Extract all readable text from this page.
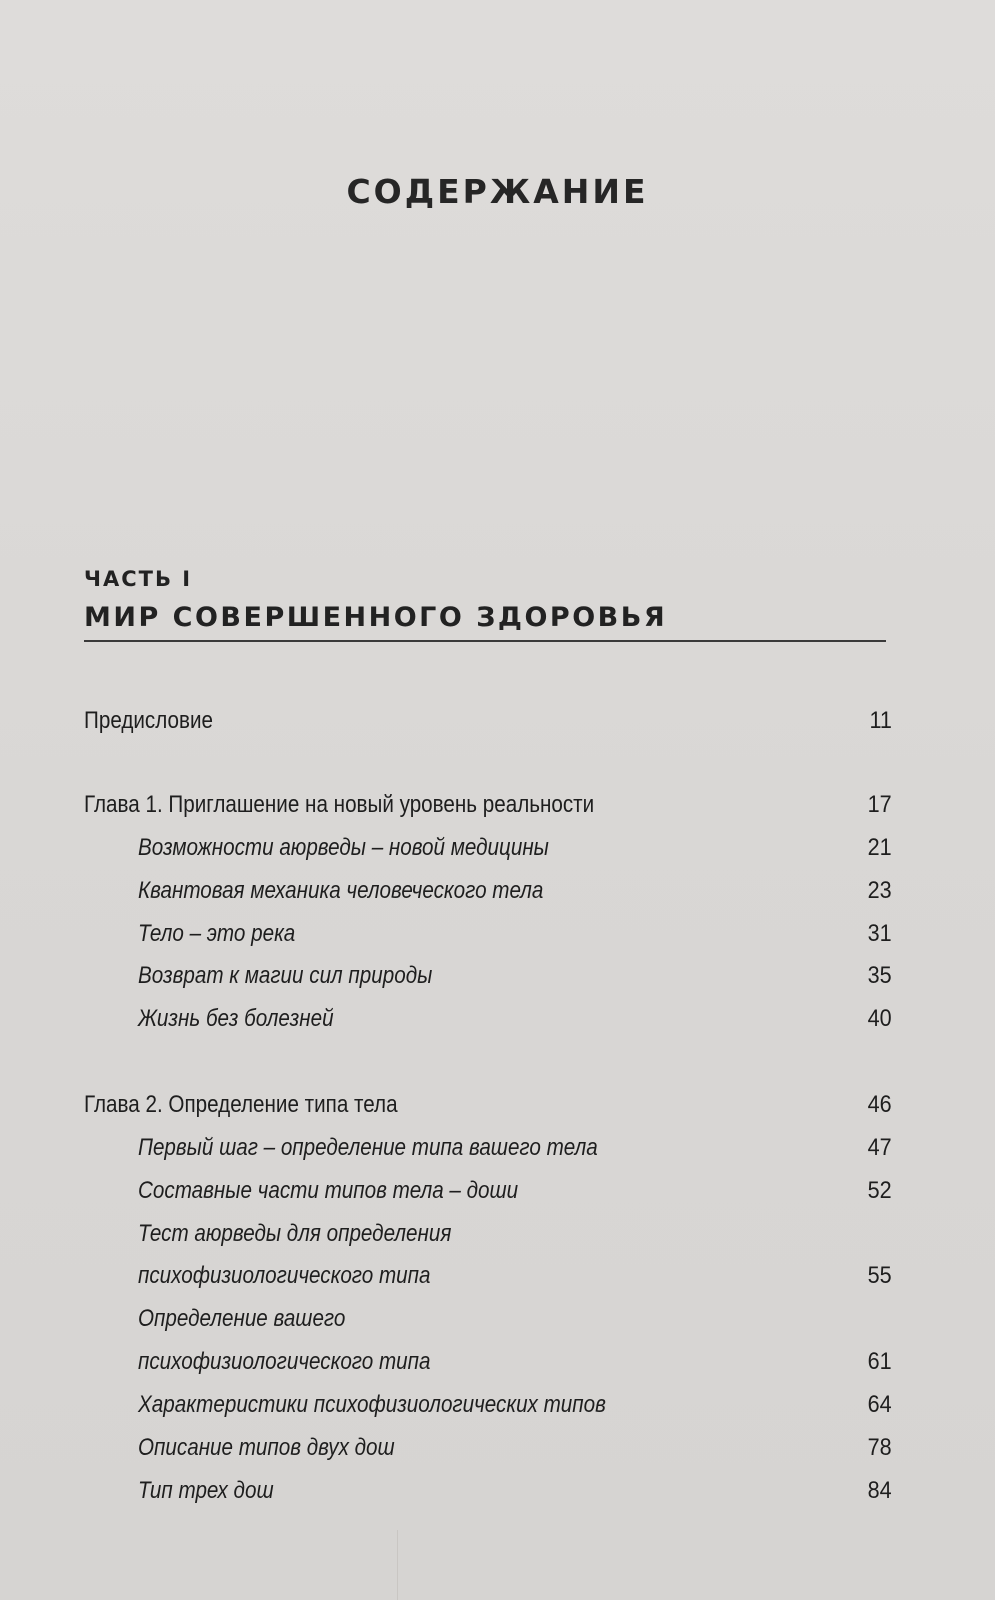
СОДЕРЖАНИЕ
ЧАСТЬ I
МИР СОВЕРШЕННОГО ЗДОРОВЬЯ
Предисловие	11
Глава 1. Приглашение на новый уровень реальности	17
Возможности аюрведы – новой медицины	21
Квантовая механика человеческого тела	23
Тело – это река	31
Возврат к магии сил природы	35
Жизнь без болезней	40
Глава 2. Определение типа тела	46
Первый шаг – определение типа вашего тела	47
Составные части типов тела – доши	52
Тест аюрведы для определения
психофизиологического типа	55
Определение вашего
психофизиологического типа	61
Характеристики психофизиологических типов	64
Описание типов двух дош	78
Тип трех дош	84
